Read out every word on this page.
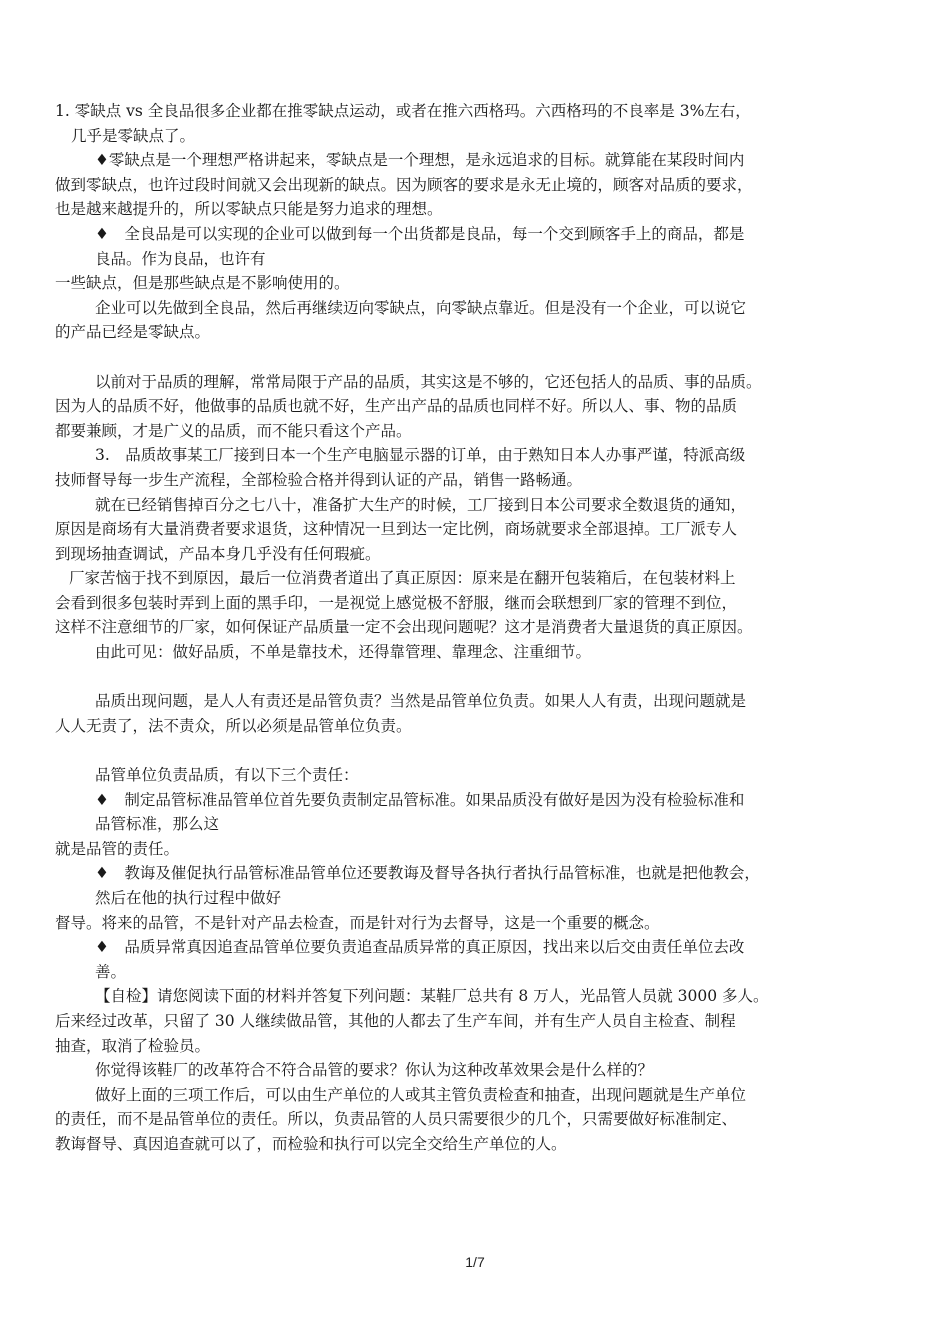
1. 零缺点 vs 全良品很多企业都在推零缺点运动，或者在推六西格玛。六西格玛的不良率是 3%左右，

几乎是零缺点了。

♦零缺点是一个理想严格讲起来，零缺点是一个理想，是永远追求的目标。就算能在某段时间内

做到零缺点，也许过段时间就又会出现新的缺点。因为顾客的要求是永无止境的，顾客对品质的要求，

也是越来越提升的，所以零缺点只能是努力追求的理想。

♦　全良品是可以实现的企业可以做到每一个出货都是良品，每一个交到顾客手上的商品，都是

良品。作为良品，也许有

一些缺点，但是那些缺点是不影响使用的。

企业可以先做到全良品，然后再继续迈向零缺点，向零缺点靠近。但是没有一个企业，可以说它

的产品已经是零缺点。

以前对于品质的理解，常常局限于产品的品质，其实这是不够的，它还包括人的品质、事的品质。

因为人的品质不好，他做事的品质也就不好，生产出产品的品质也同样不好。所以人、事、物的品质

都要兼顾，才是广义的品质，而不能只看这个产品。

3.　品质故事某工厂接到日本一个生产电脑显示器的订单，由于熟知日本人办事严谨，特派高级

技师督导每一步生产流程，全部检验合格并得到认证的产品，销售一路畅通。

就在已经销售掉百分之七八十，准备扩大生产的时候，工厂接到日本公司要求全数退货的通知，

原因是商场有大量消费者要求退货，这种情况一旦到达一定比例，商场就要求全部退掉。工厂派专人

到现场抽查调试，产品本身几乎没有任何瑕疵。

厂家苦恼于找不到原因，最后一位消费者道出了真正原因：原来是在翻开包装箱后，在包装材料上

会看到很多包装时弄到上面的黑手印，一是视觉上感觉极不舒服，继而会联想到厂家的管理不到位，

这样不注意细节的厂家，如何保证产品质量一定不会出现问题呢？这才是消费者大量退货的真正原因。

由此可见：做好品质，不单是靠技术，还得靠管理、靠理念、注重细节。

品质出现问题，是人人有责还是品管负责？当然是品管单位负责。如果人人有责，出现问题就是

人人无责了，法不责众，所以必须是品管单位负责。

品管单位负责品质，有以下三个责任：

♦　制定品管标准品管单位首先要负责制定品管标准。如果品质没有做好是因为没有检验标准和

品管标准，那么这

就是品管的责任。

♦　教诲及催促执行品管标准品管单位还要教诲及督导各执行者执行品管标准，也就是把他教会，

然后在他的执行过程中做好

督导。将来的品管，不是针对产品去检查，而是针对行为去督导，这是一个重要的概念。

♦　品质异常真因追查品管单位要负责追查品质异常的真正原因，找出来以后交由责任单位去改

善。

【自检】请您阅读下面的材料并答复下列问题：某鞋厂总共有 8 万人，光品管人员就 3000 多人。

后来经过改革，只留了 30 人继续做品管，其他的人都去了生产车间，并有生产人员自主检查、制程

抽查，取消了检验员。

你觉得该鞋厂的改革符合不符合品管的要求？你认为这种改革效果会是什么样的？

做好上面的三项工作后，可以由生产单位的人或其主管负责检查和抽查，出现问题就是生产单位

的责任，而不是品管单位的责任。所以，负责品管的人员只需要很少的几个，只需要做好标准制定、

教诲督导、真因追查就可以了，而检验和执行可以完全交给生产单位的人。

1/7
